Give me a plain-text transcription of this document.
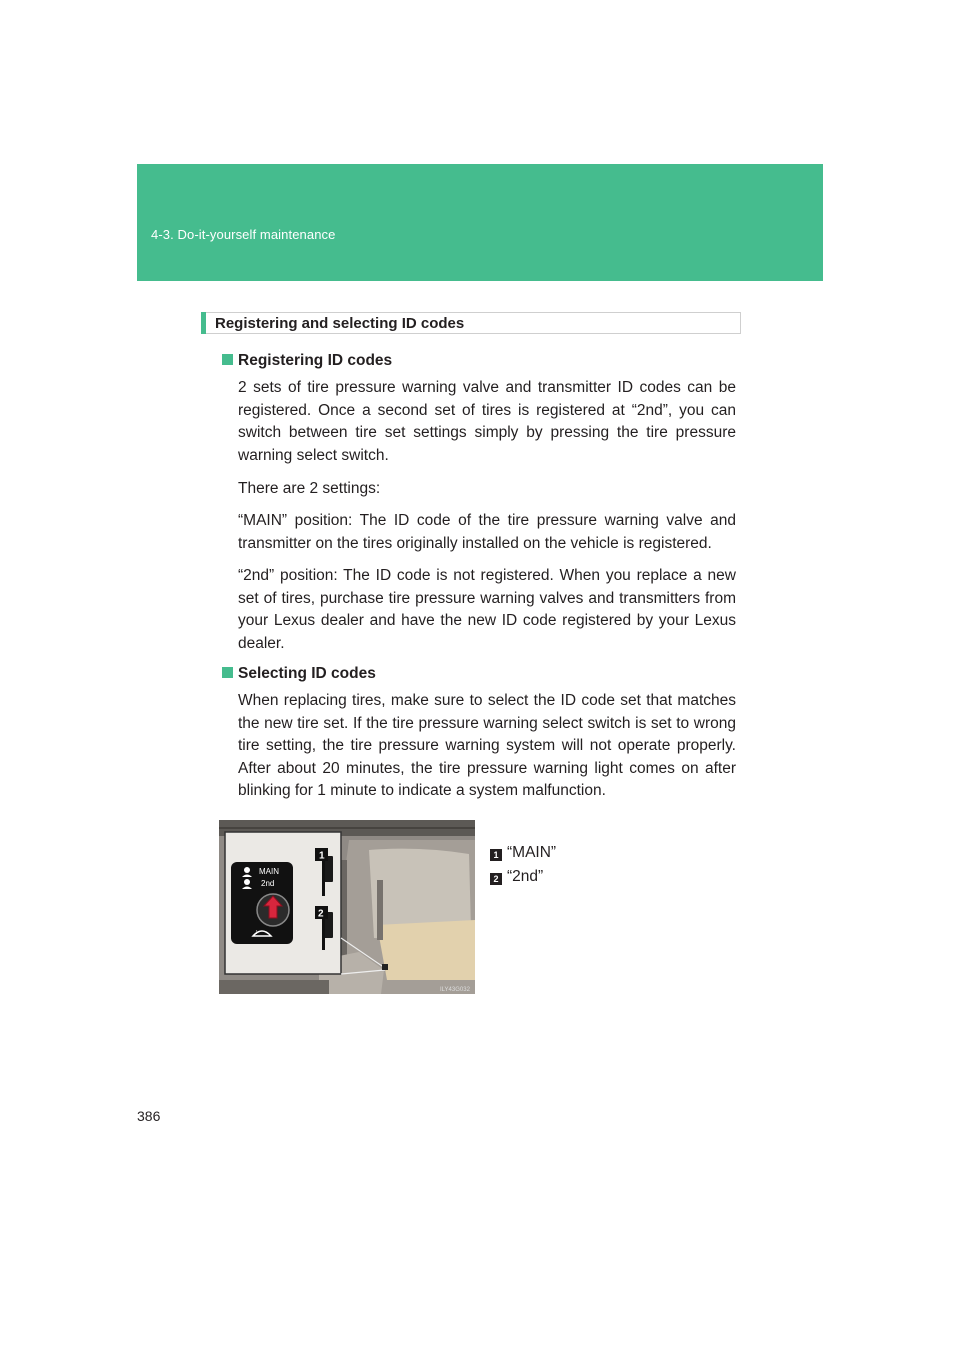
4-3. Do-it-yourself maintenance
Registering and selecting ID codes
Registering ID codes
2 sets of tire pressure warning valve and transmitter ID codes can be registered. Once a second set of tires is registered at “2nd”, you can switch between tire set settings simply by pressing the tire pressure warning select switch.
There are 2 settings:
“MAIN” position: The ID code of the tire pressure warning valve and transmitter on the tires originally installed on the vehicle is registered.
“2nd” position: The ID code is not registered. When you replace a new set of tires, purchase tire pressure warning valves and transmitters from your Lexus dealer and have the new ID code registered by your Lexus dealer.
Selecting ID codes
When replacing tires, make sure to select the ID code set that matches the new tire set. If the tire pressure warning select switch is set to wrong tire setting, the tire pressure warning system will not operate properly. After about 20 minutes, the tire pressure warning light comes on after blinking for 1 minute to indicate a system malfunction.
MAIN
2nd
!
1
2
ILY43G032
1 “MAIN”
2 “2nd”
386
